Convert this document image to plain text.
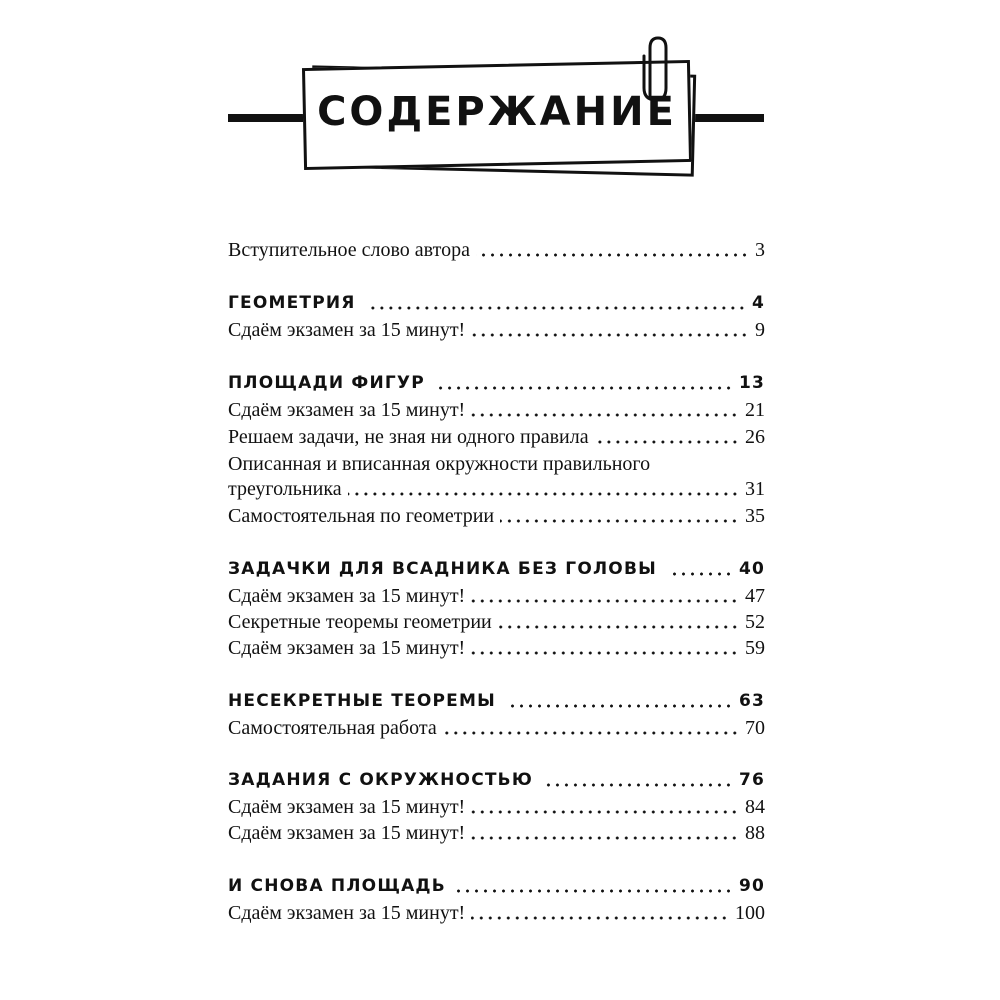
СОДЕРЖАНИЕ
Вступительное слово автора	3
ГЕОМЕТРИЯ	4
Сдаём экзамен за 15 минут!	9
ПЛОЩАДИ ФИГУР	13
Сдаём экзамен за 15 минут!	21
Решаем задачи, не зная ни одного правила	26
Описанная и вписанная окружности правильного
треугольника	31
Самостоятельная по геометрии	35
ЗАДАЧКИ ДЛЯ ВСАДНИКА БЕЗ ГОЛОВЫ	40
Сдаём экзамен за 15 минут!	47
Секретные теоремы геометрии	52
Сдаём экзамен за 15 минут!	59
НЕСЕКРЕТНЫЕ ТЕОРЕМЫ	63
Самостоятельная работа	70
ЗАДАНИЯ С ОКРУЖНОСТЬЮ	76
Сдаём экзамен за 15 минут!	84
Сдаём экзамен за 15 минут!	88
И СНОВА ПЛОЩАДЬ	90
Сдаём экзамен за 15 минут!	100
